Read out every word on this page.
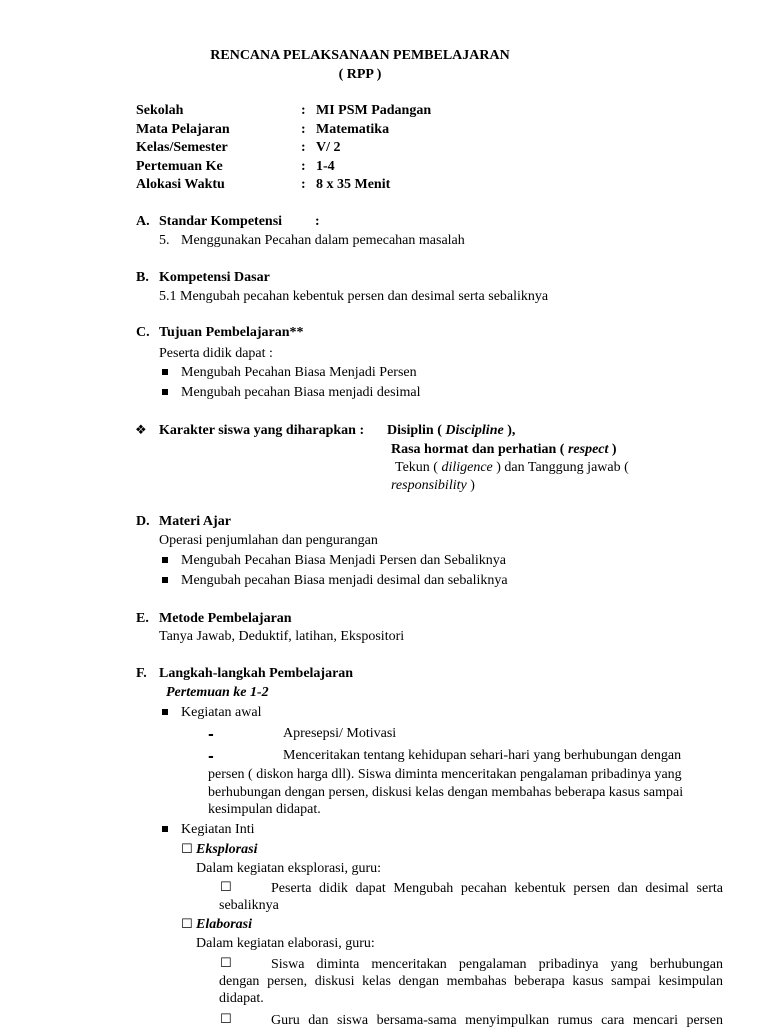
RENCANA PELAKSANAAN PEMBELAJARAN
( RPP )
Sekolah	: MI PSM Padangan
Mata Pelajaran	: Matematika
Kelas/Semester	: V/ 2
Pertemuan Ke	: 1-4
Alokasi Waktu	: 8 x 35 Menit
A. Standar Kompetensi :
5. Menggunakan Pecahan dalam pemecahan masalah
B. Kompetensi Dasar
5.1 Mengubah pecahan kebentuk persen dan desimal serta sebaliknya
C. Tujuan Pembelajaran**
Peserta didik dapat :
Mengubah Pecahan Biasa Menjadi Persen
Mengubah pecahan Biasa menjadi desimal
❖ Karakter siswa yang diharapkan : Disiplin ( Discipline ),
Rasa hormat dan perhatian ( respect )
Tekun ( diligence ) dan Tanggung jawab (
responsibility )
D. Materi Ajar
Operasi penjumlahan dan pengurangan
Mengubah Pecahan Biasa Menjadi Persen dan Sebaliknya
Mengubah pecahan Biasa menjadi desimal dan sebaliknya
E. Metode Pembelajaran
Tanya Jawab, Deduktif, latihan, Ekspositori
F. Langkah-langkah Pembelajaran
Pertemuan ke 1-2
Kegiatan awal
-	Apresepsi/ Motivasi
-	Menceritakan tentang kehidupan sehari-hari yang berhubungan dengan
persen ( diskon harga dll). Siswa diminta menceritakan pengalaman pribadinya yang
berhubungan dengan persen, diskusi kelas dengan membahas beberapa kasus sampai
kesimpulan didapat.
Kegiatan Inti
☐ Eksplorasi
Dalam kegiatan eksplorasi, guru:
☐	Peserta didik dapat Mengubah pecahan kebentuk persen dan desimal serta
sebaliknya
☐ Elaborasi
Dalam kegiatan elaborasi, guru:
☐	Siswa diminta menceritakan pengalaman pribadinya yang berhubungan
dengan persen, diskusi kelas dengan membahas beberapa kasus sampai kesimpulan
didapat.
☐	Guru dan siswa bersama-sama menyimpulkan rumus cara mencari persen
